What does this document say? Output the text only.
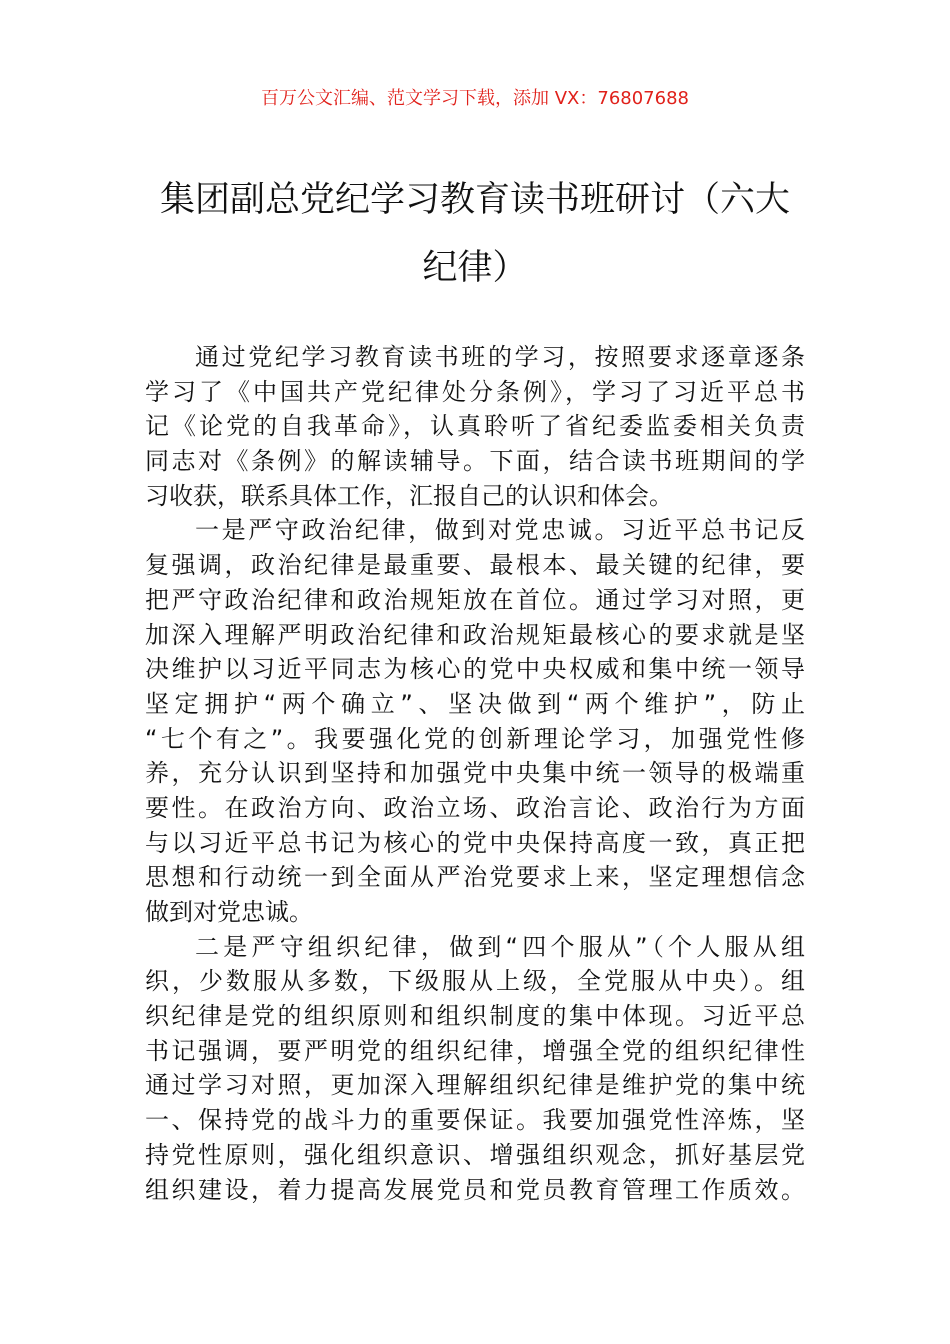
百万公文汇编、范文学习下载，添加 VX：76807688
集团副总党纪学习教育读书班研讨（六大
纪律）
通过党纪学习教育读书班的学习，按照要求逐章逐条
学习了《中国共产党纪律处分条例》，学习了习近平总书
记《论党的自我革命》，认真聆听了省纪委监委相关负责
同志对《条例》的解读辅导。下面，结合读书班期间的学
习收获，联系具体工作，汇报自己的认识和体会。
一是严守政治纪律，做到对党忠诚。习近平总书记反
复强调，政治纪律是最重要、最根本、最关键的纪律，要
把严守政治纪律和政治规矩放在首位。通过学习对照，更
加深入理解严明政治纪律和政治规矩最核心的要求就是坚
决维护以习近平同志为核心的党中央权威和集中统一领导
坚定拥护“两个确立”、坚决做到“两个维护”，防止
“七个有之”。我要强化党的创新理论学习，加强党性修
养，充分认识到坚持和加强党中央集中统一领导的极端重
要性。在政治方向、政治立场、政治言论、政治行为方面
与以习近平总书记为核心的党中央保持高度一致，真正把
思想和行动统一到全面从严治党要求上来，坚定理想信念
做到对党忠诚。
二是严守组织纪律，做到“四个服从”（个人服从组
织，少数服从多数，下级服从上级，全党服从中央）。组
织纪律是党的组织原则和组织制度的集中体现。习近平总
书记强调，要严明党的组织纪律，增强全党的组织纪律性
通过学习对照，更加深入理解组织纪律是维护党的集中统
一、保持党的战斗力的重要保证。我要加强党性淬炼，坚
持党性原则，强化组织意识、增强组织观念，抓好基层党
组织建设，着力提高发展党员和党员教育管理工作质效。
